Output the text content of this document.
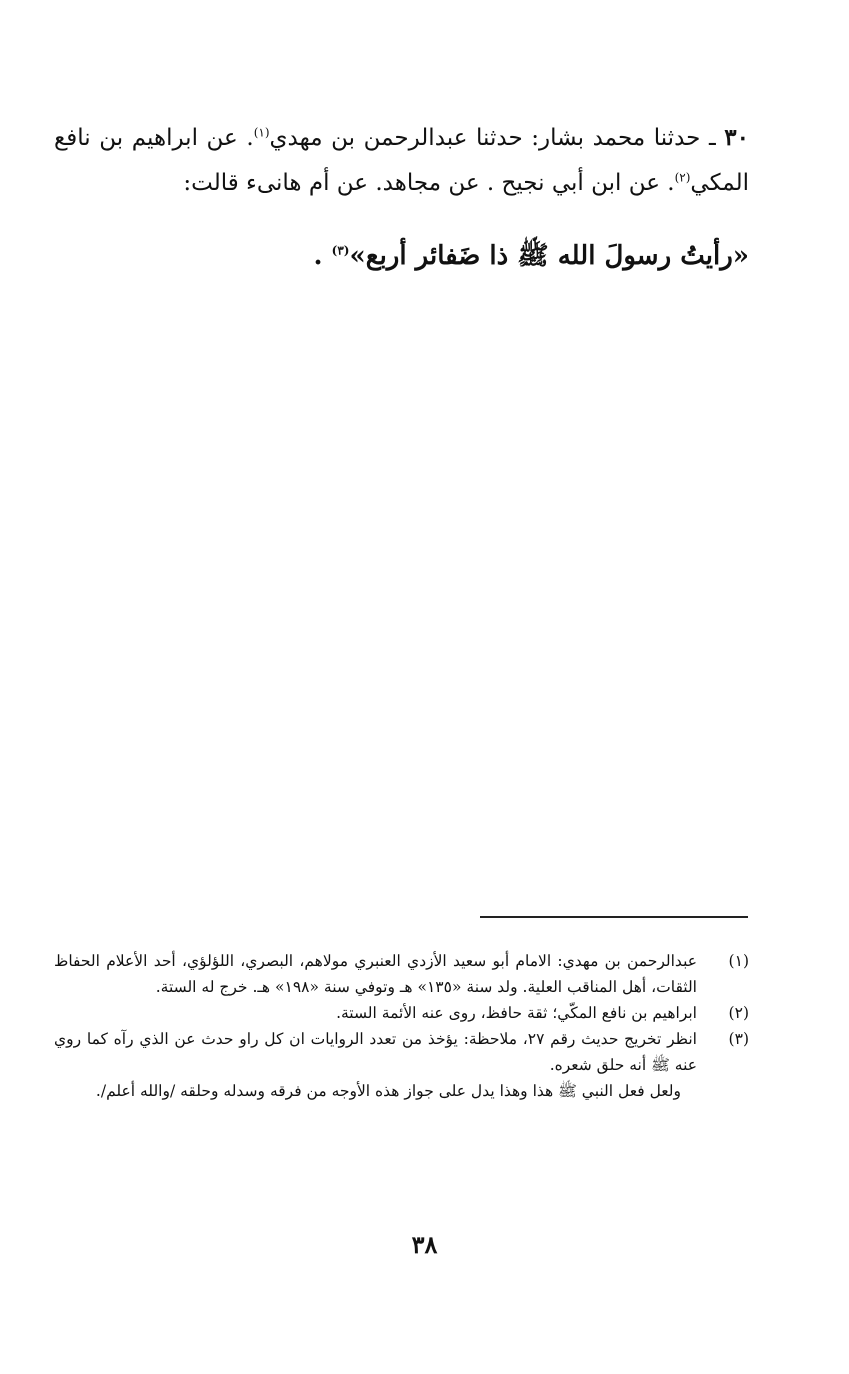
٣٠ ـ حدثنا محمد بشار: حدثنا عبدالرحمن بن مهدي$^{(١)}$. عن ابراهيم بن نافع المكي$^{(٢)}$. عن ابن أبي نجيح . عن مجاهد. عن أم هانىء قالت:

«رأيتُ رسولَ الله ﷺ ذا ضَفائر أربع»$^{(٣)}$ .

(١)

عبدالرحمن بن مهدي: الامام أبو سعيد الأزدي العنبري مولاهم، البصري، اللؤلؤي، أحد الأعلام الحفاظ الثقات، أهل المناقب العلية. ولد سنة «١٣٥» هـ وتوفي سنة «١٩٨» هـ. خرج له الستة.

(٢)

ابراهيم بن نافع المكّي؛ ثقة حافظ، روى عنه الأئمة الستة.

(٣)

انظر تخريج حديث رقم ٢٧، ملاحظة: يؤخذ من تعدد الروايات ان كل راو حدث عن الذي رآه كما روي عنه ﷺ أنه حلق شعره.

ولعل فعل النبي ﷺ هذا وهذا يدل على جواز هذه الأوجه من فرقه وسدله وحلقه /والله أعلم/.

٣٨
